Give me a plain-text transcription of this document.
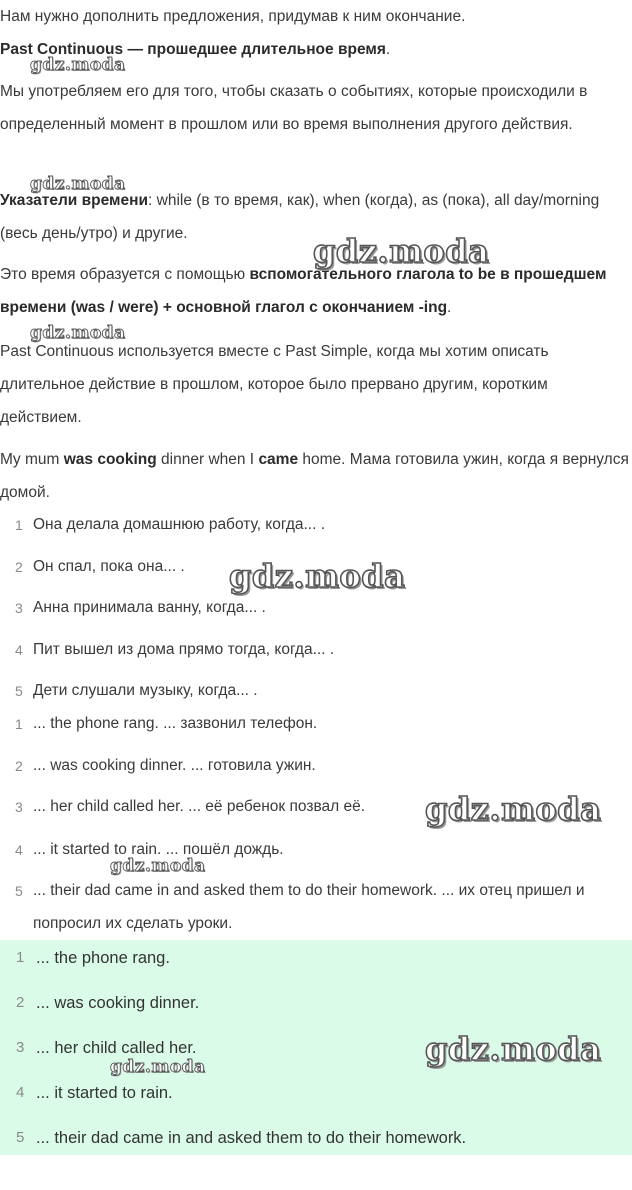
Нам нужно дополнить предложения, придумав к ним окончание.

Past Continuous — прошедшее длительное время.

Мы употребляем его для того, чтобы сказать о событиях, которые происходили в определенный момент в прошлом или во время выполнения другого действия.

Указатели времени: while (в то время, как), when (когда), as (пока), all day/morning (весь день/утро) и другие.

Это время образуется с помощью вспомогательного глагола to be в прошедшем времени (was / were) + основной глагол с окончанием -ing.

Past Continuous используется вместе с Past Simple, когда мы хотим описать длительное действие в прошлом, которое было прервано другим, коротким действием.

My mum was cooking dinner when I came home. Мама готовила ужин, когда я вернулся домой.

1 Она делала домашнюю работу, когда... .
2 Он спал, пока она... .
3 Анна принимала ванну, когда... .
4 Пит вышел из дома прямо тогда, когда... .
5 Дети слушали музыку, когда... .
1 ... the phone rang. ... зазвонил телефон.
2 ... was cooking dinner. ... готовила ужин.
3 ... her child called her. ... её ребенок позвал её.
4 ... it started to rain. ... пошёл дождь.
5 ... their dad came in and asked them to do their homework. ... их отец пришел и попросил их сделать уроки.
1 ... the phone rang.
2 ... was cooking dinner.
3 ... her child called her.
4 ... it started to rain.
5 ... their dad came in and asked them to do their homework.
gdz.moda
gdz.moda
gdz.moda
gdz.moda
gdz.moda
gdz.moda
gdz.moda
gdz.moda
gdz.moda
